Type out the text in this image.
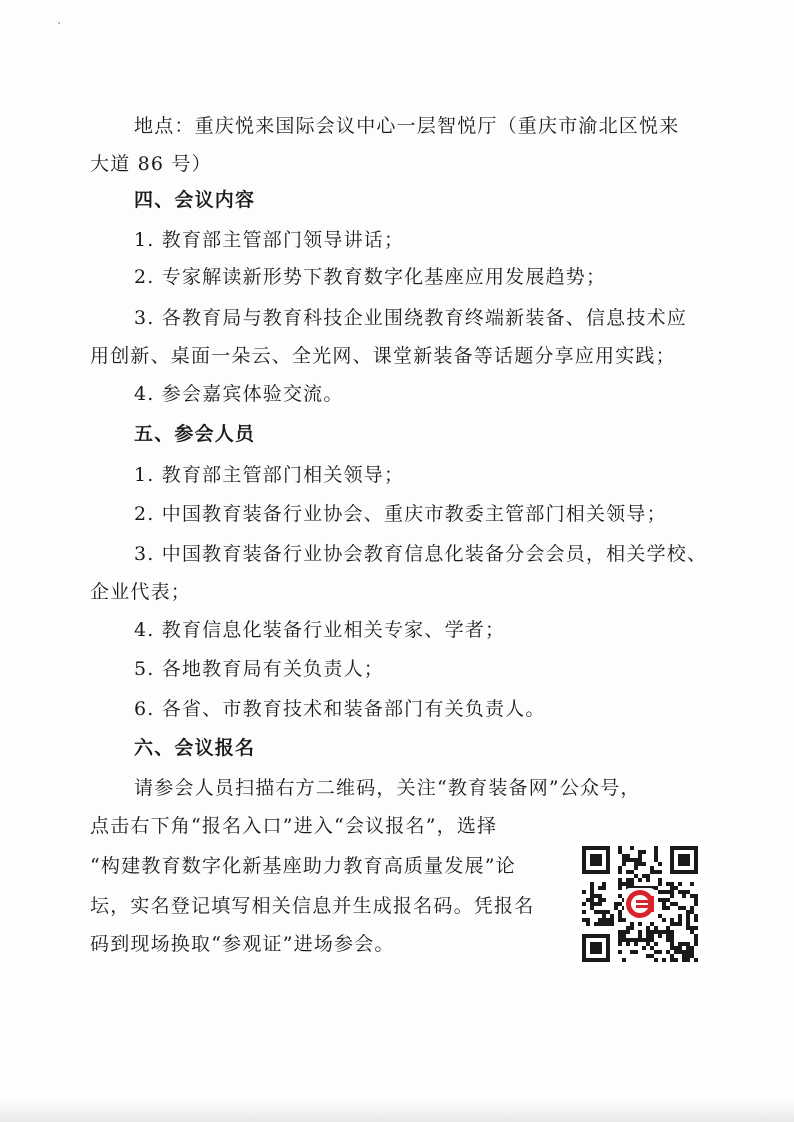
地点：重庆悦来国际会议中心一层智悦厅（重庆市渝北区悦来
大道 86 号）
四、会议内容
1. 教育部主管部门领导讲话；
2. 专家解读新形势下教育数字化基座应用发展趋势；
3. 各教育局与教育科技企业围绕教育终端新装备、信息技术应
用创新、桌面一朵云、全光网、课堂新装备等话题分享应用实践；
4. 参会嘉宾体验交流。
五、参会人员
1. 教育部主管部门相关领导；
2. 中国教育装备行业协会、重庆市教委主管部门相关领导；
3. 中国教育装备行业协会教育信息化装备分会会员，相关学校、
企业代表；
4. 教育信息化装备行业相关专家、学者；
5. 各地教育局有关负责人；
6. 各省、市教育技术和装备部门有关负责人。
六、会议报名
请参会人员扫描右方二维码，关注“教育装备网”公众号，
点击右下角“报名入口”进入“会议报名”，选择
“构建教育数字化新基座助力教育高质量发展”论
坛，实名登记填写相关信息并生成报名码。凭报名
码到现场换取“参观证”进场参会。
